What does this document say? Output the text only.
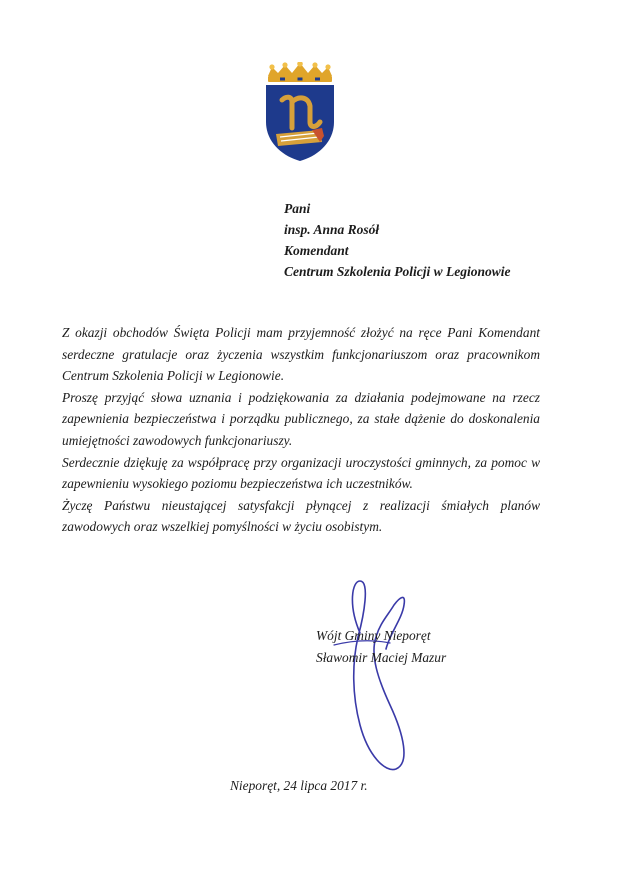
Pani
insp. Anna Rosół
Komendant
Centrum Szkolenia Policji w Legionowie

Z okazji obchodów Święta Policji mam przyjemność złożyć na ręce Pani Komendant serdeczne gratulacje oraz życzenia wszystkim funkcjonariuszom oraz pracownikom Centrum Szkolenia Policji w Legionowie.

Proszę przyjąć słowa uznania i podziękowania za działania podejmowane na rzecz zapewnienia bezpieczeństwa i porządku publicznego, za stałe dążenie do doskonalenia umiejętności zawodowych funkcjonariuszy.

Serdecznie dziękuję za współpracę przy organizacji uroczystości gminnych, za pomoc w zapewnieniu wysokiego poziomu bezpieczeństwa ich uczestników.

Życzę Państwu nieustającej satysfakcji płynącej z realizacji śmiałych planów zawodowych oraz wszelkiej pomyślności w życiu osobistym.

Wójt Gminy Nieporęt
Sławomir Maciej Mazur
Nieporęt, 24 lipca 2017 r.
